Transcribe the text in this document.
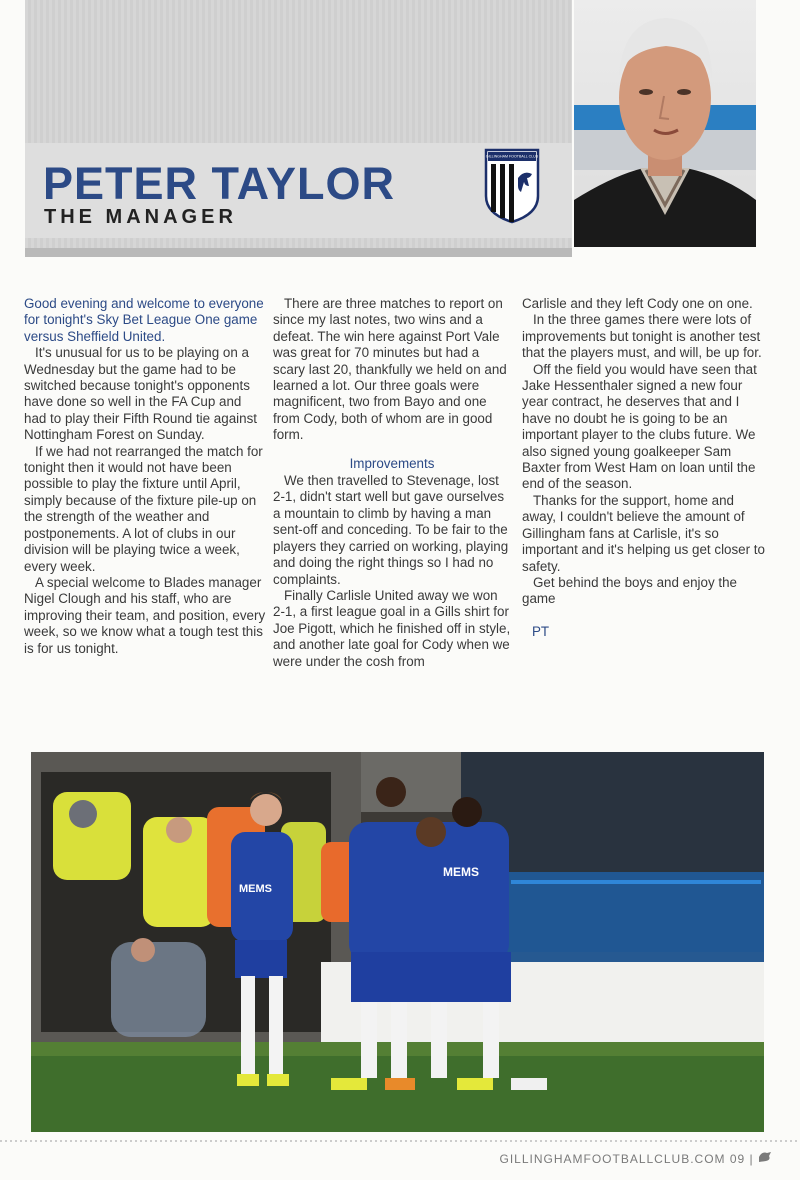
PETER TAYLOR
THE MANAGER
GILLINGHAM FOOTBALL CLUB

Good evening and welcome to everyone for tonight's Sky Bet League One game versus Sheffield United.

It's unusual for us to be playing on a Wednesday but the game had to be switched because tonight's opponents have done so well in the FA Cup and had to play their Fifth Round tie against Nottingham Forest on Sunday.

If we had not rearranged the match for tonight then it would not have been possible to play the fixture until April, simply because of the fixture pile-up on the strength of the weather and postponements. A lot of clubs in our division will be playing twice a week, every week.

A special welcome to Blades manager Nigel Clough and his staff, who are improving their team, and position, every week, so we know what a tough test this is for us tonight.

There are three matches to report on since my last notes, two wins and a defeat. The win here against Port Vale was great for 70 minutes but had a scary last 20, thankfully we held on and learned a lot. Our three goals were magnificent, two from Bayo and one from Cody, both of whom are in good form.

Improvements

We then travelled to Stevenage, lost 2-1, didn't start well but gave ourselves a mountain to climb by having a man sent-off and conceding. To be fair to the players they carried on working, playing and doing the right things so I had no complaints.

Finally Carlisle United away we won 2-1, a first league goal in a Gills shirt for Joe Pigott, which he finished off in style, and another late goal for Cody when we were under the cosh from

Carlisle and they left Cody one on one.

In the three games there were lots of improvements but tonight is another test that the players must, and will, be up for.

Off the field you would have seen that Jake Hessenthaler signed a new four year contract, he deserves that and I have no doubt he is going to be an important player to the clubs future. We also signed young goalkeeper Sam Baxter from West Ham on loan until the end of the season.

Thanks for the support, home and away, I couldn't believe the amount of Gillingham fans at Carlisle, it's so important and it's helping us get closer to safety.

Get behind the boys and enjoy the game

PT

MEMS
MEMS
GILLINGHAMFOOTBALLCLUB.COM 09 |
